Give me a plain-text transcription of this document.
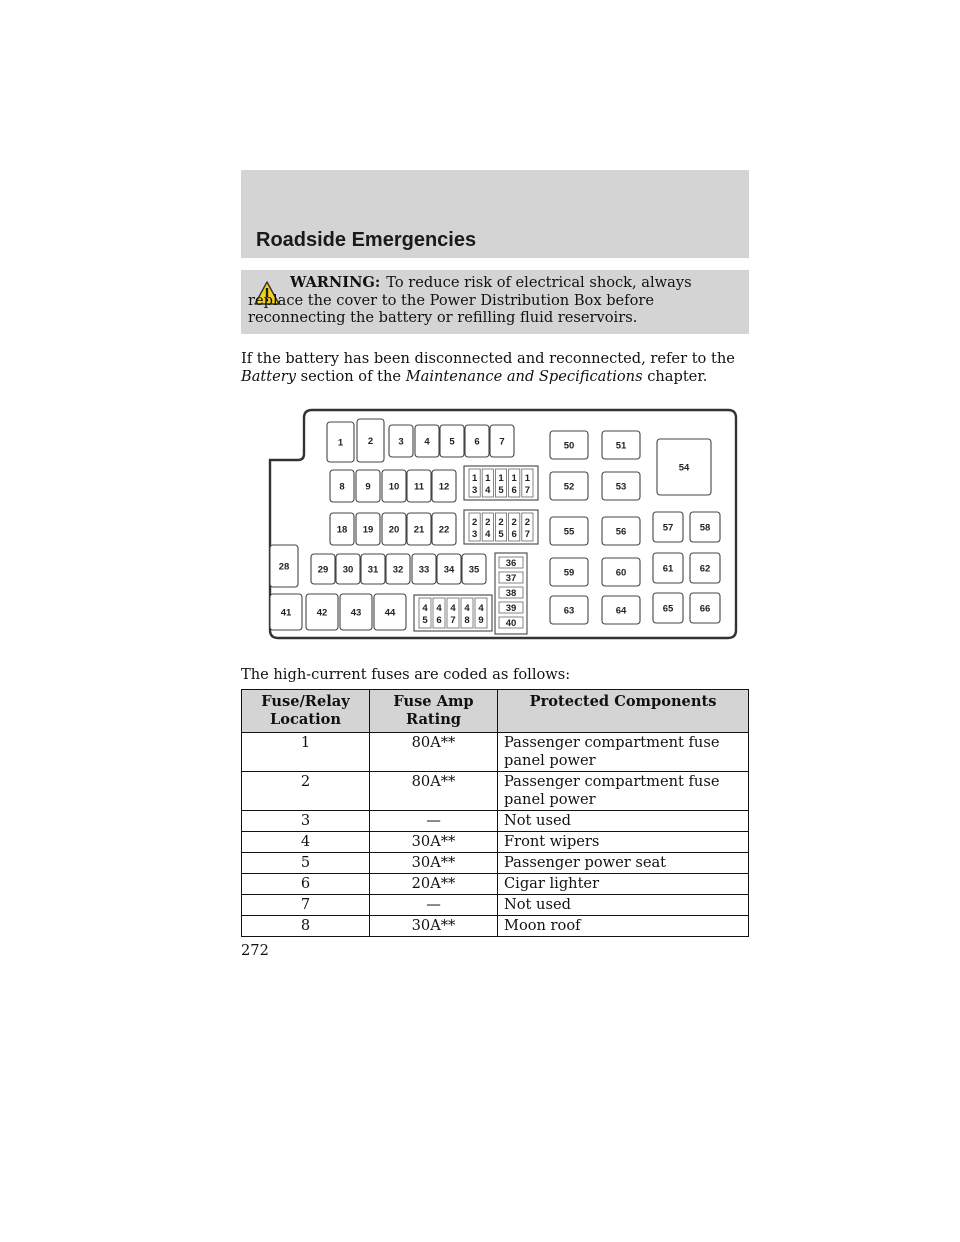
Roadside Emergencies
WARNING: To reduce risk of electrical shock, always replace the cover to the Power Distribution Box before reconnecting the battery or refilling fluid reservoirs.
If the battery has been disconnected and reconnected, refer to the
Battery section of the Maintenance and Specifications chapter.
1	2	3 4 5 6 7
8 9 10 11 12
18 19 20 21 22
28	29 30 31 32 33 34 35
41	42 43 44
50	51
52	53
55	56
59	60
63	64
54
57	58
61	62
65	66
1
3
1
4
1
5
1
6
1
7
2
3
2
4
2
5
2
6
2
7
4
5
4
6
4
7
4
8
4
9
36
37
38
39
40
The high-current fuses are coded as follows:
Fuse/Relay Location	Fuse Amp Rating	Protected Components
1	80A**	Passenger compartment fuse panel power
2	80A**	Passenger compartment fuse panel power
3	—	Not used
4	30A**	Front wipers
5	30A**	Passenger power seat
6	20A**	Cigar lighter
7	—	Not used
8	30A**	Moon roof
272
